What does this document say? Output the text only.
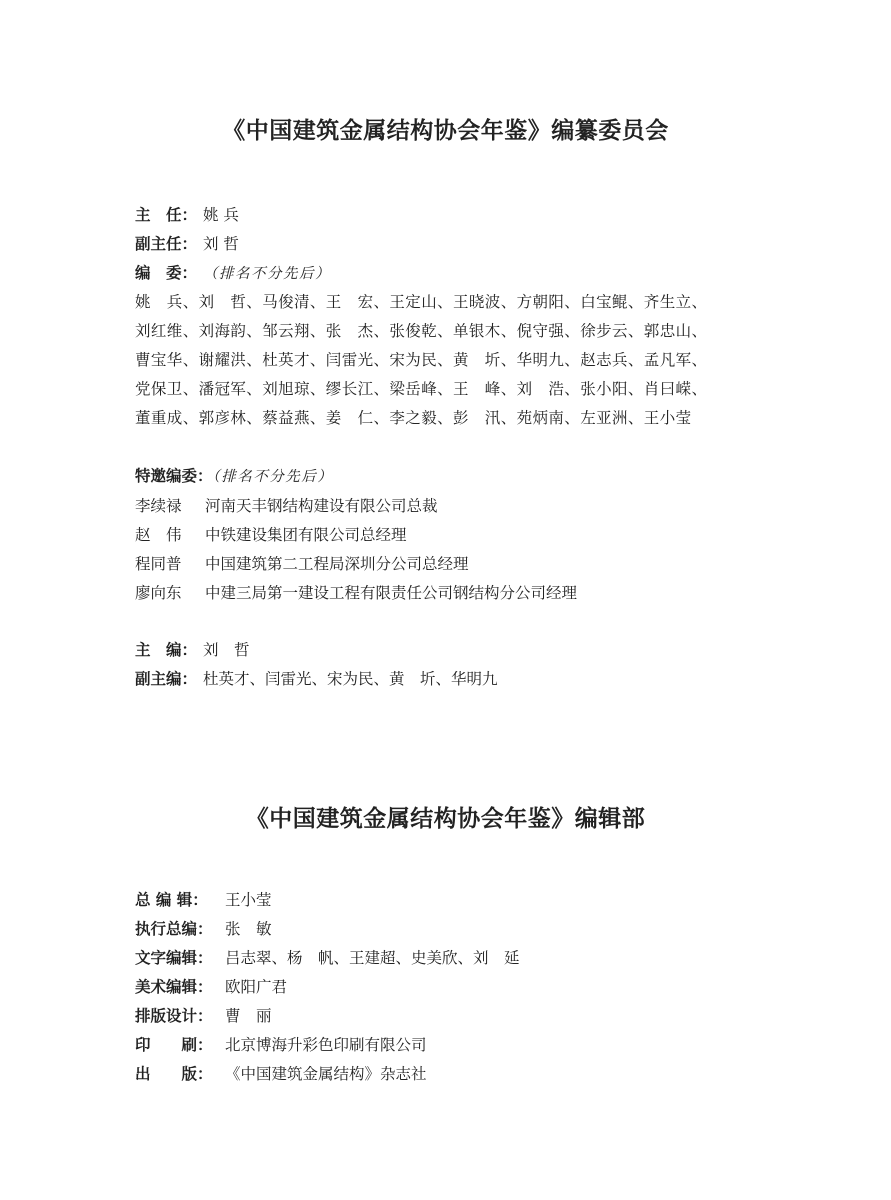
《中国建筑金属结构协会年鉴》编纂委员会
主　任： 姚 兵
副主任： 刘 哲
编　委： （排名不分先后）
姚　兵、刘　哲、马俊清、王　宏、王定山、王晓波、方朝阳、白宝鲲、齐生立、
刘红维、刘海韵、邹云翔、张　杰、张俊乾、单银木、倪守强、徐步云、郭忠山、
曹宝华、谢耀洪、杜英才、闫雷光、宋为民、黄　圻、华明九、赵志兵、孟凡军、
党保卫、潘冠军、刘旭琼、缪长江、梁岳峰、王　峰、刘　浩、张小阳、肖曰嵘、
董重成、郭彦林、蔡益燕、姜　仁、李之毅、彭　汛、苑炳南、左亚洲、王小莹
特邀编委：（排名不分先后）
李续禄 河南天丰钢结构建设有限公司总裁
赵　伟 中铁建设集团有限公司总经理
程同普 中国建筑第二工程局深圳分公司总经理
廖向东 中建三局第一建设工程有限责任公司钢结构分公司经理
主　编： 刘　哲
副主编： 杜英才、闫雷光、宋为民、黄　圻、华明九
《中国建筑金属结构协会年鉴》编辑部
总 编 辑： 王小莹
执行总编： 张　敏
文字编辑： 吕志翠、杨　帆、王建超、史美欣、刘　延
美术编辑： 欧阳广君
排版设计： 曹　丽
印　　刷： 北京博海升彩色印刷有限公司
出　　版： 《中国建筑金属结构》杂志社
